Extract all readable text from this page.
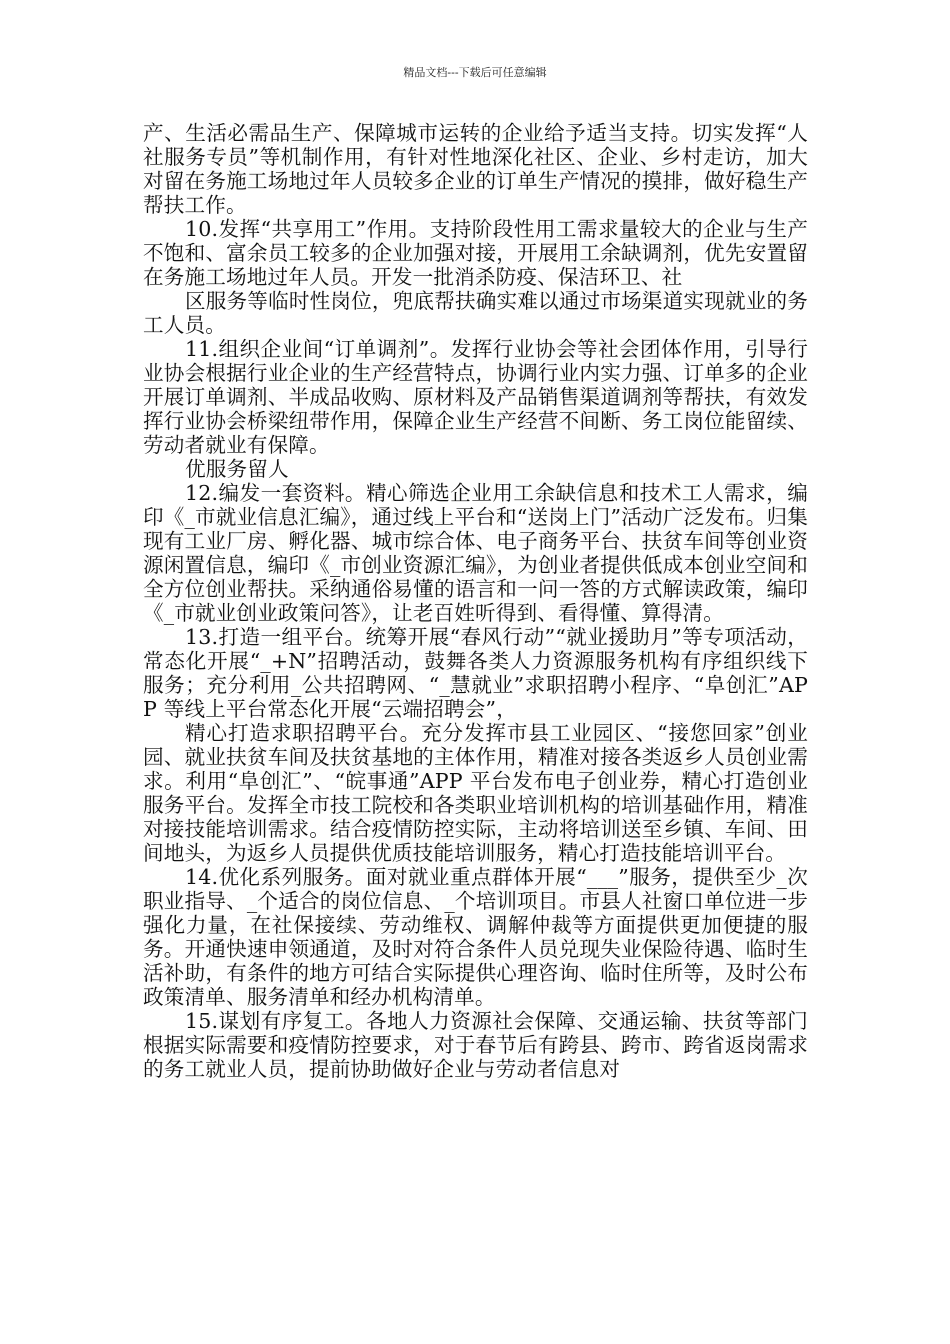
精品文档---下载后可任意编辑

产、生活必需品生产、保障城市运转的企业给予适当支持。切实发挥“人社服务专员”等机制作用，有针对性地深化社区、企业、乡村走访，加大对留在务施工场地过年人员较多企业的订单生产情况的摸排，做好稳生产帮扶工作。

10.发挥“共享用工”作用。支持阶段性用工需求量较大的企业与生产不饱和、富余员工较多的企业加强对接，开展用工余缺调剂，优先安置留在务施工场地过年人员。开发一批消杀防疫、保洁环卫、社

区服务等临时性岗位，兜底帮扶确实难以通过市场渠道实现就业的务工人员。

11.组织企业间“订单调剂”。发挥行业协会等社会团体作用，引导行业协会根据行业企业的生产经营特点，协调行业内实力强、订单多的企业开展订单调剂、半成品收购、原材料及产品销售渠道调剂等帮扶，有效发挥行业协会桥梁纽带作用，保障企业生产经营不间断、务工岗位能留续、劳动者就业有保障。

优服务留人

12.编发一套资料。精心筛选企业用工余缺信息和技术工人需求，编印《_市就业信息汇编》，通过线上平台和“送岗上门”活动广泛发布。归集现有工业厂房、孵化器、城市综合体、电子商务平台、扶贫车间等创业资源闲置信息，编印《_市创业资源汇编》，为创业者提供低成本创业空间和全方位创业帮扶。采纳通俗易懂的语言和一问一答的方式解读政策，编印《_市就业创业政策问答》，让老百姓听得到、看得懂、算得清。

13.打造一组平台。统筹开展“春风行动”“就业援助月”等专项活动，常态化开展“_+N”招聘活动，鼓舞各类人力资源服务机构有序组织线下服务；充分利用_公共招聘网、“_慧就业”求职招聘小程序、“阜创汇”APP 等线上平台常态化开展“云端招聘会”，

精心打造求职招聘平台。充分发挥市县工业园区、“接您回家”创业园、就业扶贫车间及扶贫基地的主体作用，精准对接各类返乡人员创业需求。利用“阜创汇”、“皖事通”APP 平台发布电子创业券，精心打造创业服务平台。发挥全市技工院校和各类职业培训机构的培训基础作用，精准对接技能培训需求。结合疫情防控实际，主动将培训送至乡镇、车间、田间地头，为返乡人员提供优质技能培训服务，精心打造技能培训平台。

14.优化系列服务。面对就业重点群体开展“___”服务，提供至少_次职业指导、_个适合的岗位信息、_个培训项目。市县人社窗口单位进一步强化力量，在社保接续、劳动维权、调解仲裁等方面提供更加便捷的服务。开通快速申领通道，及时对符合条件人员兑现失业保险待遇、临时生活补助，有条件的地方可结合实际提供心理咨询、临时住所等，及时公布政策清单、服务清单和经办机构清单。

15.谋划有序复工。各地人力资源社会保障、交通运输、扶贫等部门根据实际需要和疫情防控要求，对于春节后有跨县、跨市、跨省返岗需求的务工就业人员，提前协助做好企业与劳动者信息对
